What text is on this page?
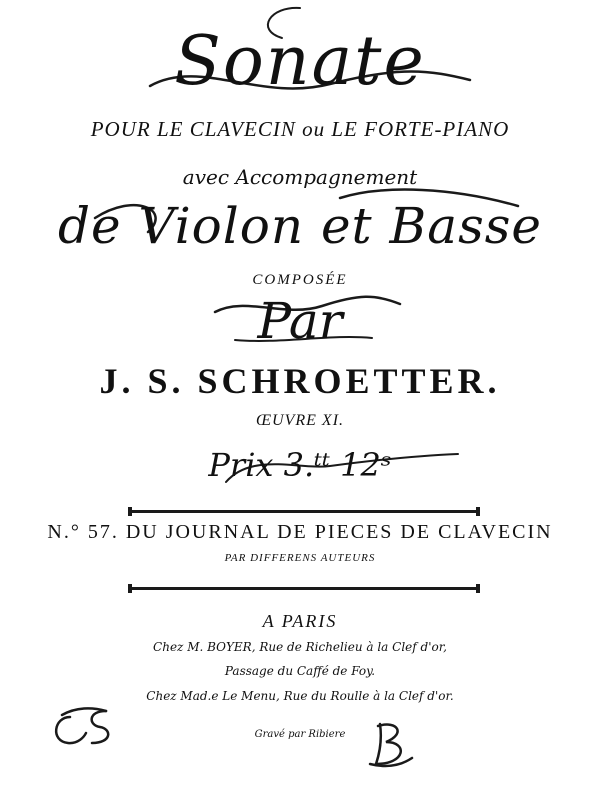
Sonate
POUR LE CLAVECIN ou LE FORTE-PIANO
avec Accompagnement
de Violon et Basse
COMPOSÉE
Par
J. S. SCHROETTER.
ŒUVRE XI.
Prix 3.ᵗᵗ 12ˢ
N.° 57. DU JOURNAL DE PIECES DE CLAVECIN
PAR DIFFERENS AUTEURS
A PARIS
Chez M. BOYER, Rue de Richelieu à la Clef d'or,
Passage du Caffé de Foy.
Chez Mad.e Le Menu, Rue du Roulle à la Clef d'or.
Gravé par Ribiere
